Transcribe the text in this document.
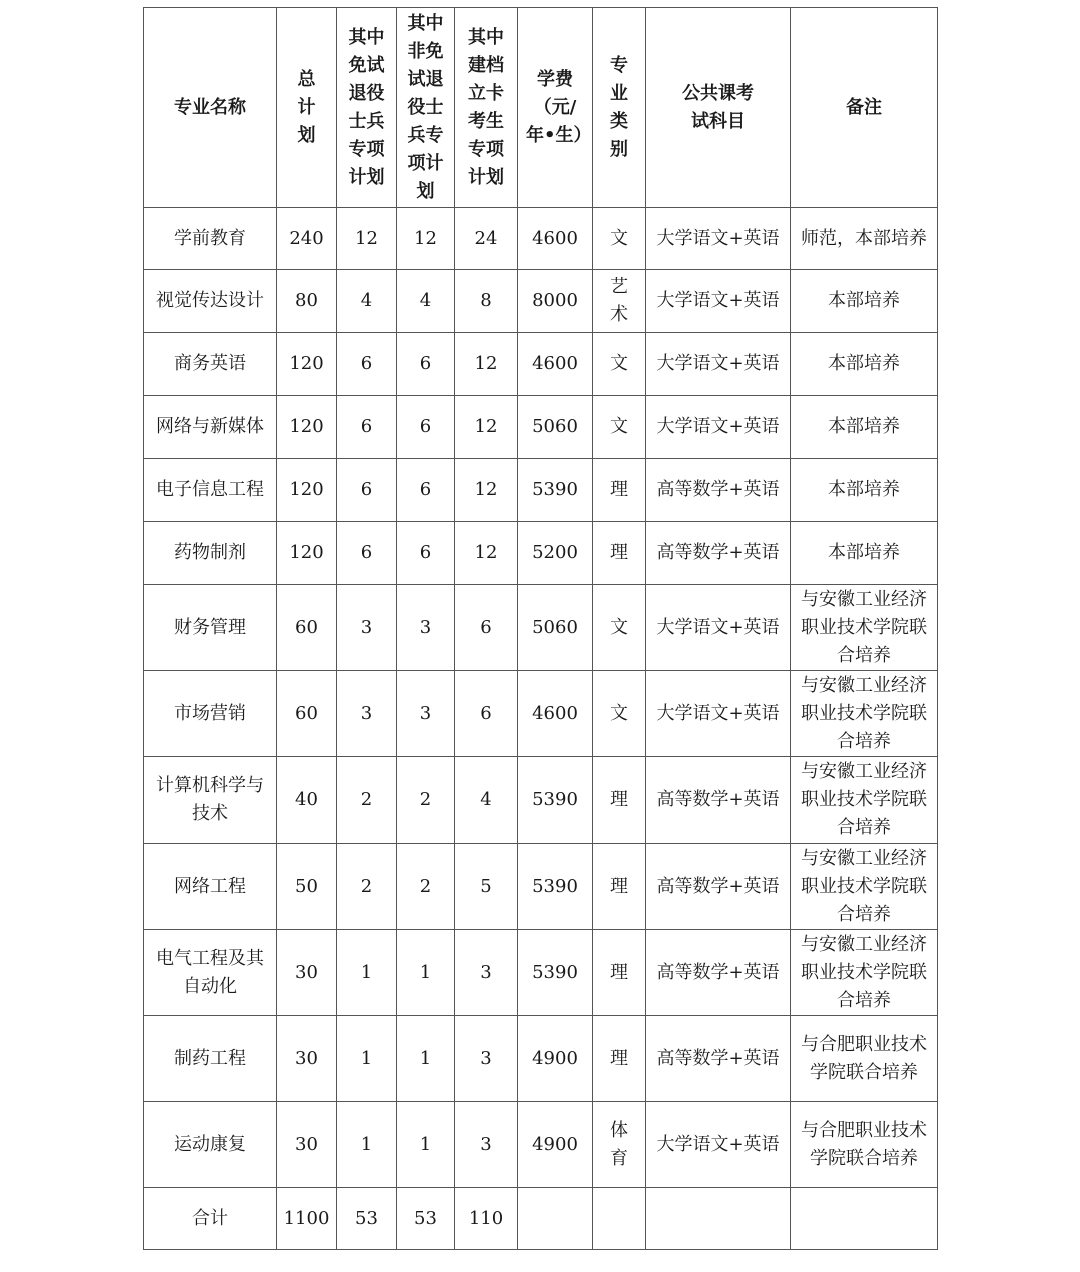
专业名称	总计划	其中免试退役士兵专项计划	其中非免试退役士兵专项计划	其中建档立卡考生专项计划	学费（元/年•生）	专业类别	公共课考试科目	备注

学前教育	240	12	12	24	4600	文	大学语文+英语	师范，本部培养

视觉传达设计	80	4	4	8	8000	艺术	大学语文+英语	本部培养

商务英语	120	6	6	12	4600	文	大学语文+英语	本部培养

网络与新媒体	120	6	6	12	5060	文	大学语文+英语	本部培养

电子信息工程	120	6	6	12	5390	理	高等数学+英语	本部培养

药物制剂	120	6	6	12	5200	理	高等数学+英语	本部培养

财务管理	60	3	3	6	5060	文	大学语文+英语	与安徽工业经济职业技术学院联合培养

市场营销	60	3	3	6	4600	文	大学语文+英语	与安徽工业经济职业技术学院联合培养

计算机科学与技术	40	2	2	4	5390	理	高等数学+英语	与安徽工业经济职业技术学院联合培养

网络工程	50	2	2	5	5390	理	高等数学+英语	与安徽工业经济职业技术学院联合培养

电气工程及其自动化	30	1	1	3	5390	理	高等数学+英语	与安徽工业经济职业技术学院联合培养

制药工程	30	1	1	3	4900	理	高等数学+英语	与合肥职业技术学院联合培养

运动康复	30	1	1	3	4900	体育	大学语文+英语	与合肥职业技术学院联合培养

合计	1100	53	53	110				
